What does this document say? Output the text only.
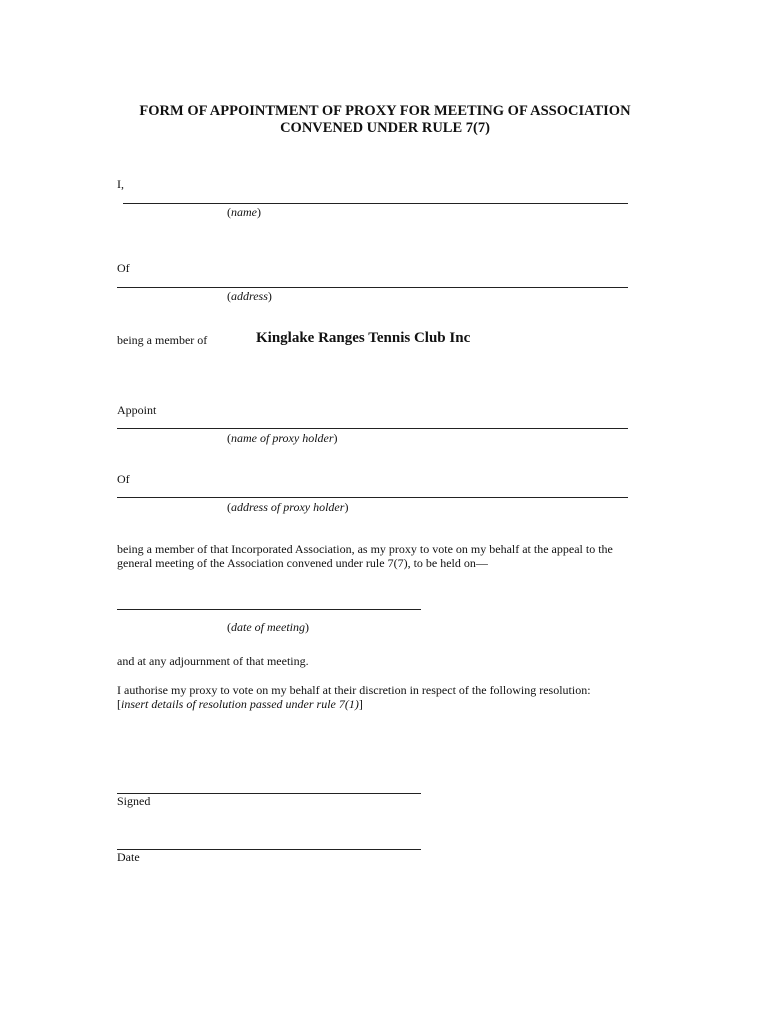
FORM OF APPOINTMENT OF PROXY FOR MEETING OF ASSOCIATION
CONVENED UNDER RULE 7(7)
I,
(name)
Of
(address)
being a member of	Kinglake Ranges Tennis Club Inc
Appoint
(name of proxy holder)
Of
(address of proxy holder)
being a member of that Incorporated Association, as my proxy to vote on my behalf at the appeal to the
general meeting of the Association convened under rule 7(7), to be held on—
(date of meeting)
and at any adjournment of that meeting.
I authorise my proxy to vote on my behalf at their discretion in respect of the following resolution:
[insert details of resolution passed under rule 7(1)]
Signed
Date
